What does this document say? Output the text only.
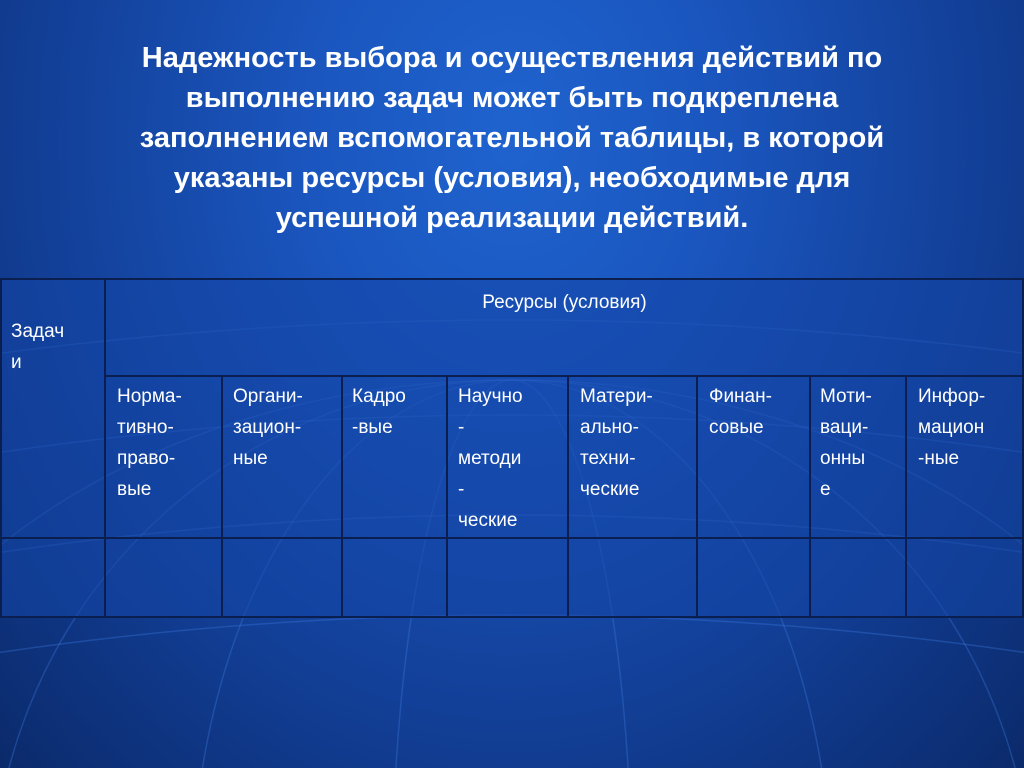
Надежность выбора и осуществления действий по
выполнению задач может быть подкреплена
заполнением вспомогательной таблицы, в которой
указаны ресурсы (условия), необходимые для
успешной реализации действий.
Задач
и
Ресурсы (условия)
Норма-
тивно-
право-
вые
Органи-
зацион-
ные
Кадро
-вые
Научно
-
методи
-
ческие
Матери-
ально-
техни-
ческие
Финан-
совые
Моти-
ваци-
онны
е
Инфор-
мацион
-ные
